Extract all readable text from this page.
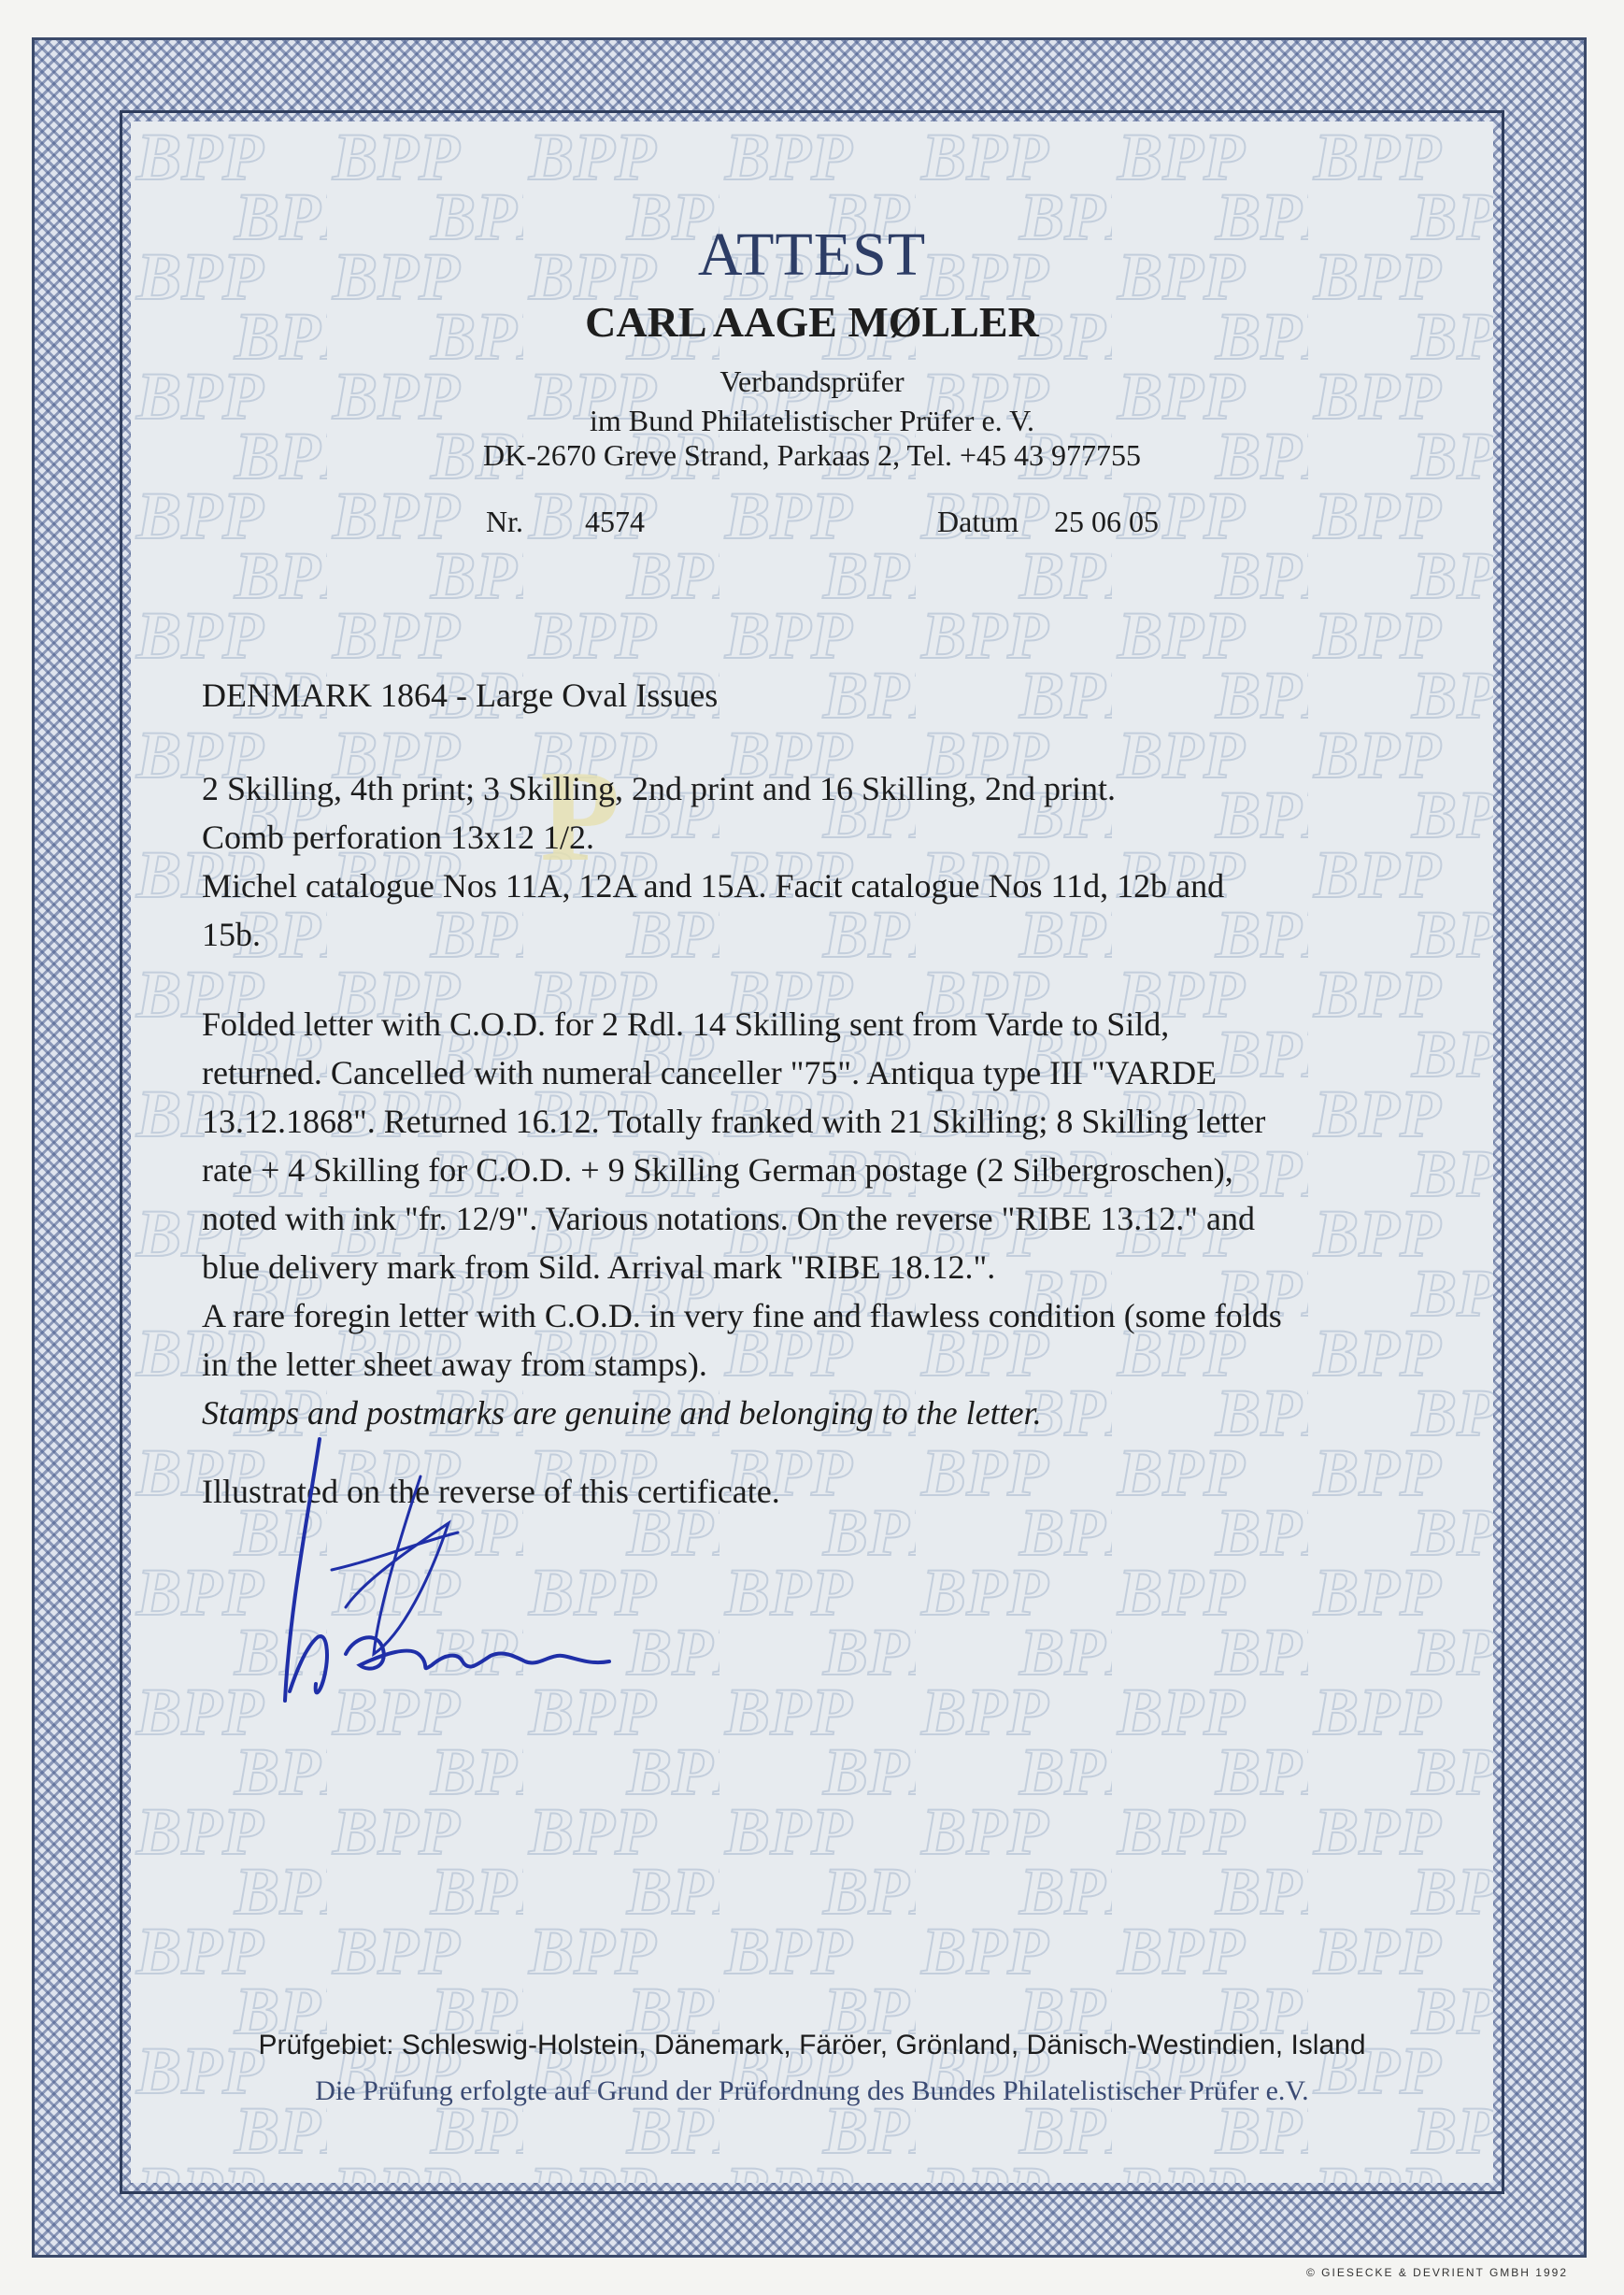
P
ATTEST
CARL AAGE MØLLER
Verbandsprüfer
im Bund Philatelistischer Prüfer e. V.
DK-2670 Greve Strand, Parkaas 2, Tel. +45 43 977755
Nr. 4574	Datum 25 06 05
DENMARK 1864 - Large Oval Issues

2 Skilling, 4th print; 3 Skilling, 2nd print and 16 Skilling, 2nd print.

Comb perforation 13x12 1/2.

Michel catalogue Nos 11A, 12A and 15A. Facit catalogue Nos 11d, 12b and

15b.

Folded letter with C.O.D. for 2 Rdl. 14 Skilling sent from Varde to Sild,

returned. Cancelled with numeral canceller "75". Antiqua type III "VARDE

13.12.1868". Returned 16.12. Totally franked with 21 Skilling; 8 Skilling letter

rate + 4 Skilling for C.O.D. + 9 Skilling German postage (2 Silbergroschen),

noted with ink "fr. 12/9". Various notations. On the reverse "RIBE 13.12." and

blue delivery mark from Sild. Arrival mark "RIBE 18.12.".

A rare foregin letter with C.O.D. in very fine and flawless condition (some folds

in the letter sheet away from stamps).

Stamps and postmarks are genuine and belonging to the letter.

Illustrated on the reverse of this certificate.
Prüfgebiet: Schleswig-Holstein, Dänemark, Färöer, Grönland, Dänisch-Westindien, Island
Die Prüfung erfolgte auf Grund der Prüfordnung des Bundes Philatelistischer Prüfer e.V.
© GIESECKE & DEVRIENT GMBH 1992
